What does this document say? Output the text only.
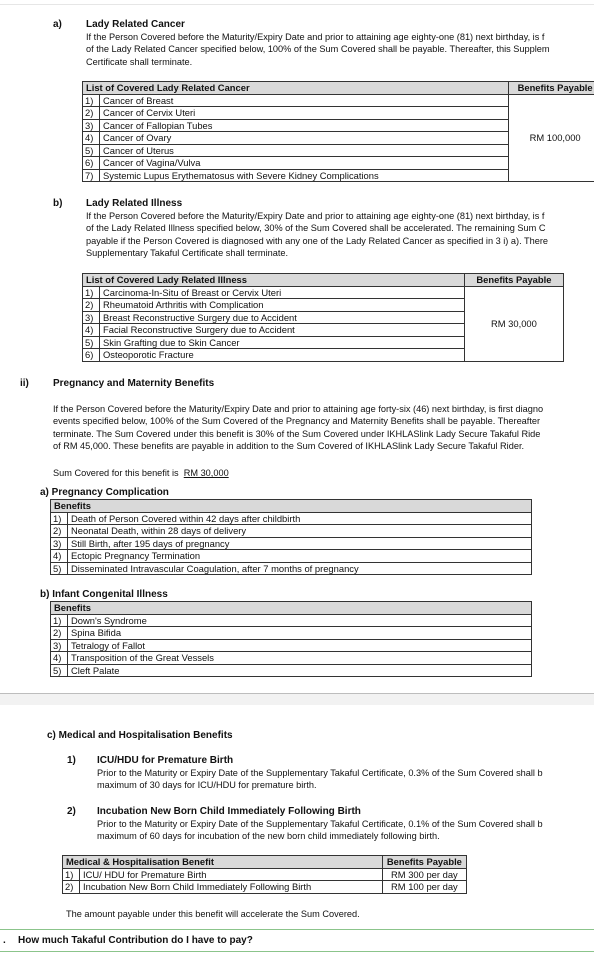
a) Lady Related Cancer
If the Person Covered before the Maturity/Expiry Date and prior to attaining age eighty-one (81) next birthday, is f
of the Lady Related Cancer specified below, 100% of the Sum Covered shall be payable. Thereafter, this Supplem
Certificate shall terminate.
List of Covered Lady Related Cancer		Benefits Payable
1)	Cancer of Breast	RM 100,000
2)	Cancer of Cervix Uteri	
3)	Cancer of Fallopian Tubes	
4)	Cancer of Ovary	
5)	Cancer of Uterus	
6)	Cancer of Vagina/Vulva	
7)	Systemic Lupus Erythematosus with Severe Kidney Complications	
b) Lady Related Illness
If the Person Covered before the Maturity/Expiry Date and prior to attaining age eighty-one (81) next birthday, is f
of the Lady Related Illness specified below, 30% of the Sum Covered shall be accelerated. The remaining Sum C
payable if the Person Covered is diagnosed with any one of the Lady Related Cancer as specified in 3 i) a). There
Supplementary Takaful Certificate shall terminate.
List of Covered Lady Related Illness		Benefits Payable
1)	Carcinoma-In-Situ of Breast or Cervix Uteri	RM 30,000
2)	Rheumatoid Arthritis with Complication	
3)	Breast Reconstructive Surgery due to Accident	
4)	Facial Reconstructive Surgery due to Accident	
5)	Skin Grafting due to Skin Cancer	
6)	Osteoporotic Fracture	
ii) Pregnancy and Maternity Benefits
If the Person Covered before the Maturity/Expiry Date and prior to attaining age forty-six (46) next birthday, is first diagno
events specified below, 100% of the Sum Covered of the Pregnancy and Maternity Benefits shall be payable. Thereafter
terminate. The Sum Covered under this benefit is 30% of the Sum Covered under IKHLASlink Lady Secure Takaful Ride
of RM 45,000. These benefits are payable in addition to the Sum Covered of IKHLASlink Lady Secure Takaful Rider.
Sum Covered for this benefit is RM 30,000
a) Pregnancy Complication
Benefits	
1)	Death of Person Covered within 42 days after childbirth
2)	Neonatal Death, within 28 days of delivery
3)	Still Birth, after 195 days of pregnancy
4)	Ectopic Pregnancy Termination
5)	Disseminated Intravascular Coagulation, after 7 months of pregnancy
b) Infant Congenital Illness
Benefits	
1)	Down's Syndrome
2)	Spina Bifida
3)	Tetralogy of Fallot
4)	Transposition of the Great Vessels
5)	Cleft Palate
c) Medical and Hospitalisation Benefits
1) ICU/HDU for Premature Birth
Prior to the Maturity or Expiry Date of the Supplementary Takaful Certificate, 0.3% of the Sum Covered shall b
maximum of 30 days for ICU/HDU for premature birth.
2) Incubation New Born Child Immediately Following Birth
Prior to the Maturity or Expiry Date of the Supplementary Takaful Certificate, 0.1% of the Sum Covered shall b
maximum of 60 days for incubation of the new born child immediately following birth.
Medical & Hospitalisation Benefit		Benefits Payable
1)	ICU/ HDU for Premature Birth	RM 300 per day
2)	Incubation New Born Child Immediately Following Birth	RM 100 per day
The amount payable under this benefit will accelerate the Sum Covered.
. How much Takaful Contribution do I have to pay?
